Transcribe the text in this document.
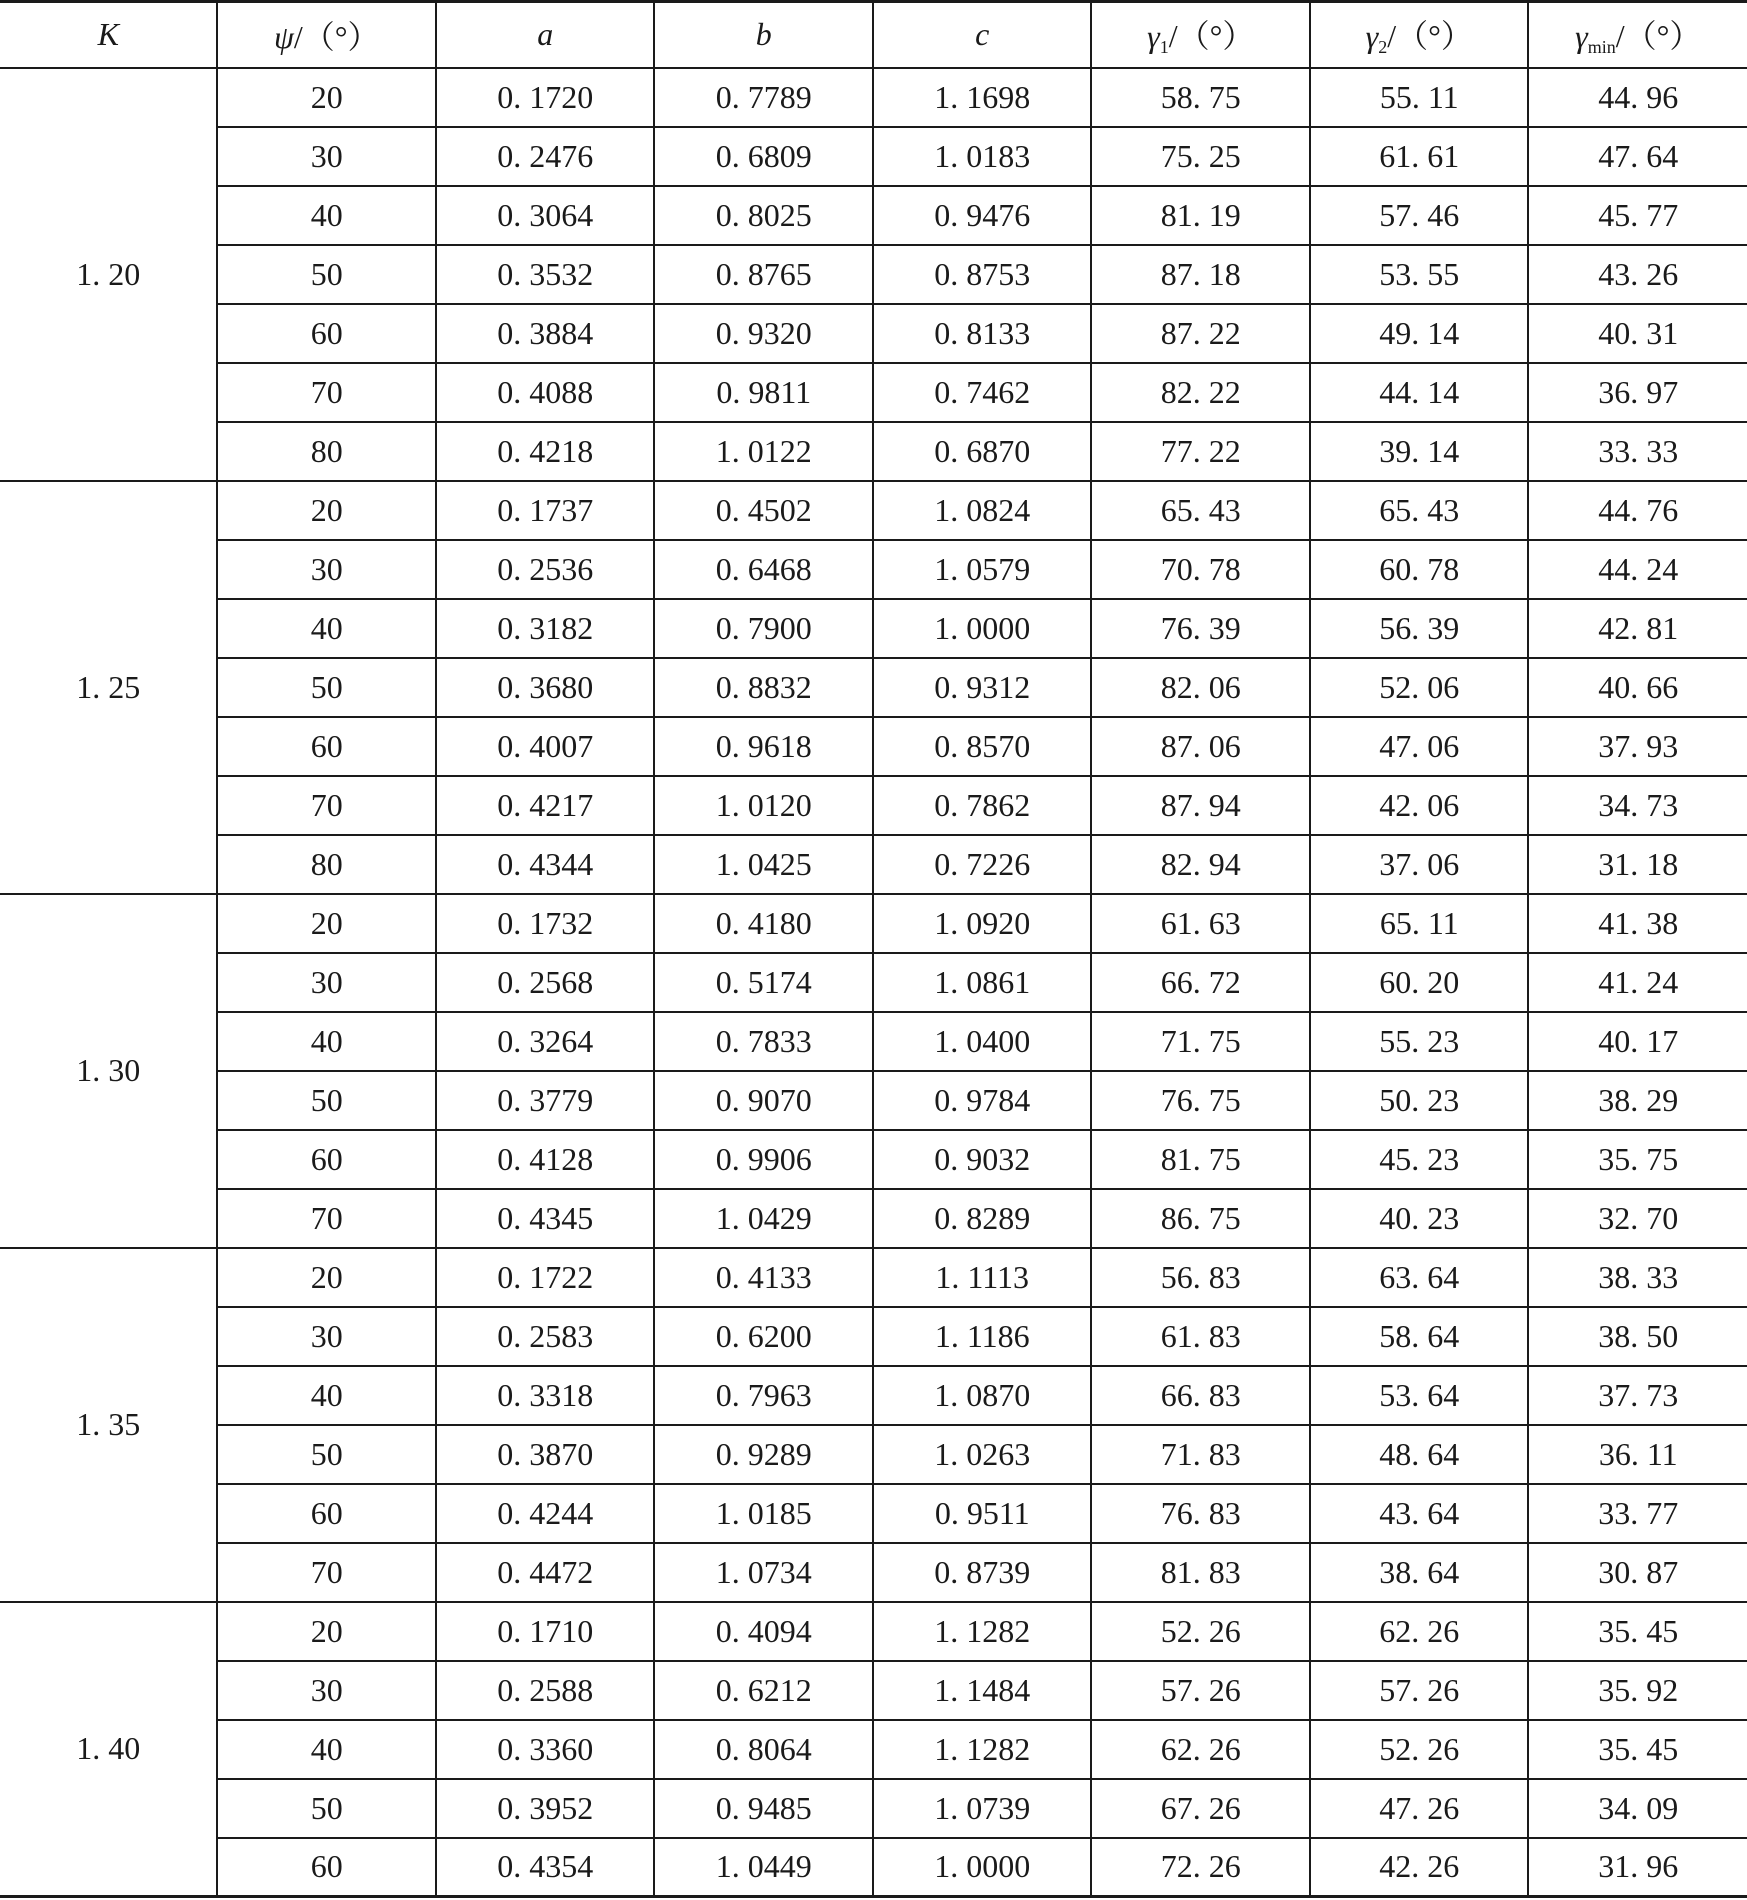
K	ψ/（°）	a	b	c	$\gamma_1/(^\circ)$	$\gamma_2/(^\circ)$	$\gamma_{min}/(^\circ)$
1. 20	20	0. 1720	0. 7789	1. 1698	58. 75	55. 11	44. 96
	30	0. 2476	0. 6809	1. 0183	75. 25	61. 61	47. 64
	40	0. 3064	0. 8025	0. 9476	81. 19	57. 46	45. 77
	50	0. 3532	0. 8765	0. 8753	87. 18	53. 55	43. 26
	60	0. 3884	0. 9320	0. 8133	87. 22	49. 14	40. 31
	70	0. 4088	0. 9811	0. 7462	82. 22	44. 14	36. 97
	80	0. 4218	1. 0122	0. 6870	77. 22	39. 14	33. 33
1. 25	20	0. 1737	0. 4502	1. 0824	65. 43	65. 43	44. 76
	30	0. 2536	0. 6468	1. 0579	70. 78	60. 78	44. 24
	40	0. 3182	0. 7900	1. 0000	76. 39	56. 39	42. 81
	50	0. 3680	0. 8832	0. 9312	82. 06	52. 06	40. 66
	60	0. 4007	0. 9618	0. 8570	87. 06	47. 06	37. 93
	70	0. 4217	1. 0120	0. 7862	87. 94	42. 06	34. 73
	80	0. 4344	1. 0425	0. 7226	82. 94	37. 06	31. 18
1. 30	20	0. 1732	0. 4180	1. 0920	61. 63	65. 11	41. 38
	30	0. 2568	0. 5174	1. 0861	66. 72	60. 20	41. 24
	40	0. 3264	0. 7833	1. 0400	71. 75	55. 23	40. 17
	50	0. 3779	0. 9070	0. 9784	76. 75	50. 23	38. 29
	60	0. 4128	0. 9906	0. 9032	81. 75	45. 23	35. 75
	70	0. 4345	1. 0429	0. 8289	86. 75	40. 23	32. 70
1. 35	20	0. 1722	0. 4133	1. 1113	56. 83	63. 64	38. 33
	30	0. 2583	0. 6200	1. 1186	61. 83	58. 64	38. 50
	40	0. 3318	0. 7963	1. 0870	66. 83	53. 64	37. 73
	50	0. 3870	0. 9289	1. 0263	71. 83	48. 64	36. 11
	60	0. 4244	1. 0185	0. 9511	76. 83	43. 64	33. 77
	70	0. 4472	1. 0734	0. 8739	81. 83	38. 64	30. 87
1. 40	20	0. 1710	0. 4094	1. 1282	52. 26	62. 26	35. 45
	30	0. 2588	0. 6212	1. 1484	57. 26	57. 26	35. 92
	40	0. 3360	0. 8064	1. 1282	62. 26	52. 26	35. 45
	50	0. 3952	0. 9485	1. 0739	67. 26	47. 26	34. 09
	60	0. 4354	1. 0449	1. 0000	72. 26	42. 26	31. 96
